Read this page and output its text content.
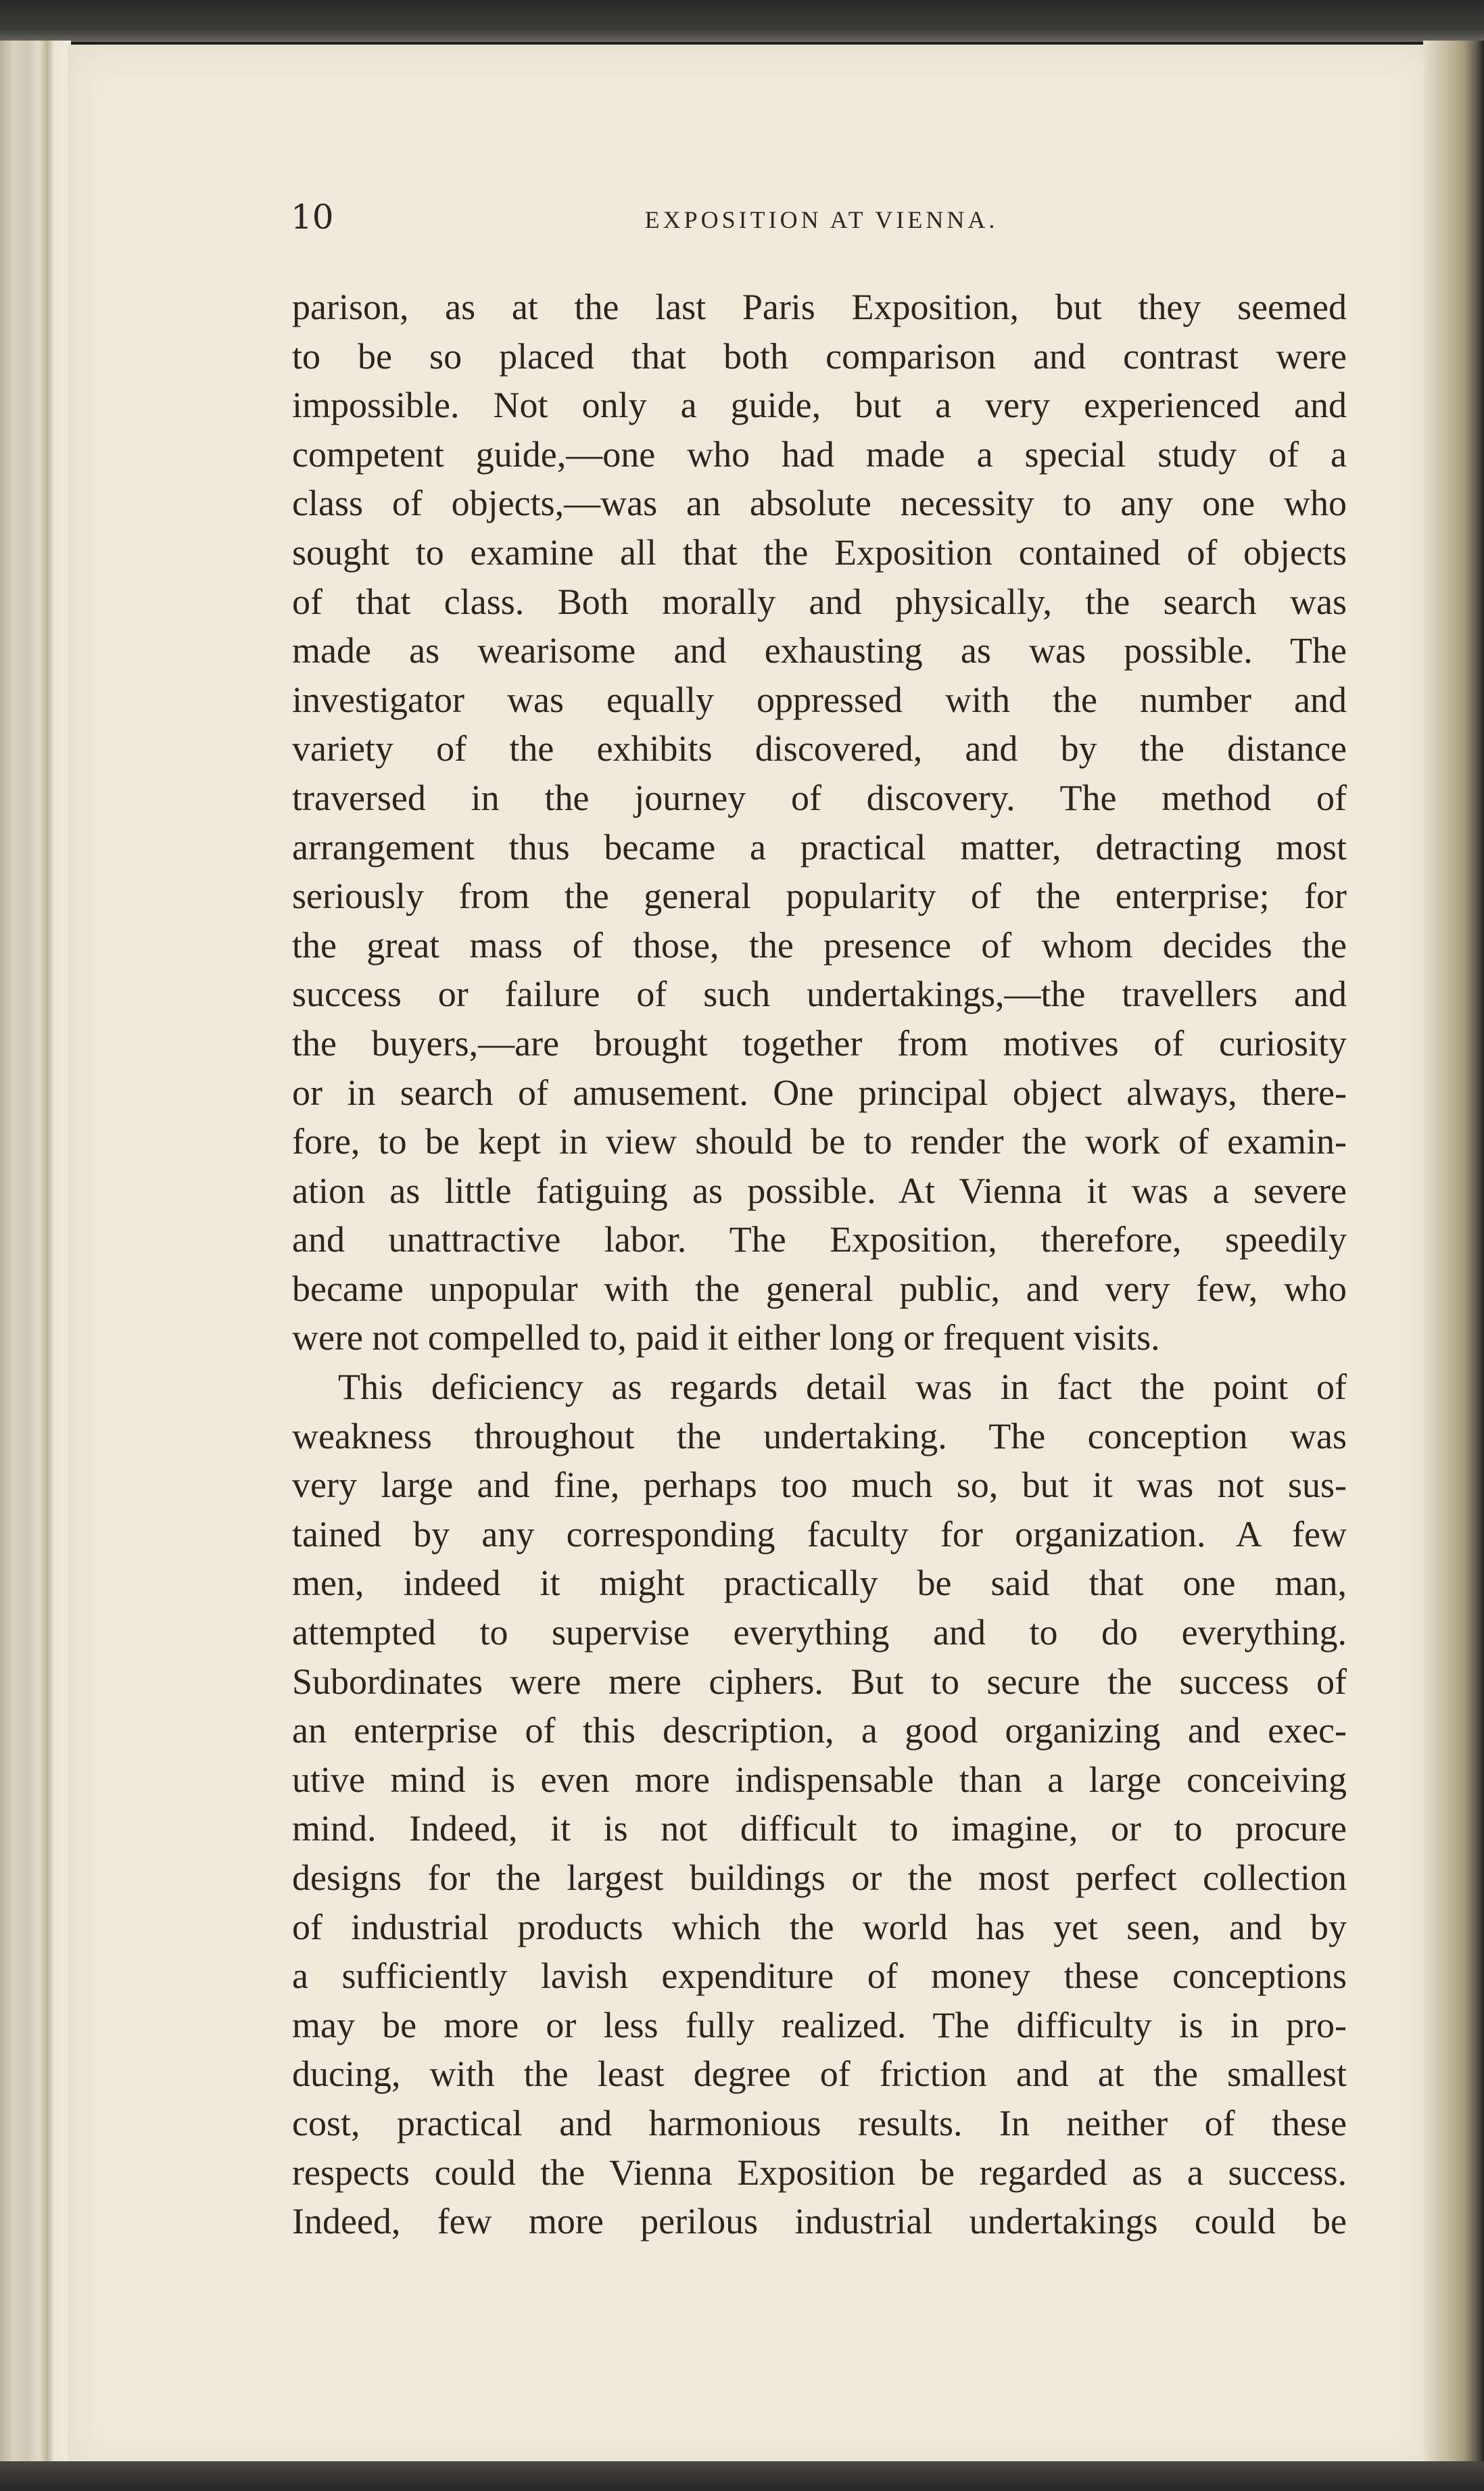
10	EXPOSITION AT VIENNA.
parison, as at the last Paris Exposition, but they seemed
to be so placed that both comparison and contrast were
impossible. Not only a guide, but a very experienced and
competent guide,—one who had made a special study of a
class of objects,—was an absolute necessity to any one who
sought to examine all that the Exposition contained of objects
of that class. Both morally and physically, the search was
made as wearisome and exhausting as was possible. The
investigator was equally oppressed with the number and
variety of the exhibits discovered, and by the distance
traversed in the journey of discovery. The method of
arrangement thus became a practical matter, detracting most
seriously from the general popularity of the enterprise; for
the great mass of those, the presence of whom decides the
success or failure of such undertakings,—the travellers and
the buyers,—are brought together from motives of curiosity
or in search of amusement. One principal object always, there-
fore, to be kept in view should be to render the work of examin-
ation as little fatiguing as possible. At Vienna it was a severe
and unattractive labor. The Exposition, therefore, speedily
became unpopular with the general public, and very few, who
were not compelled to, paid it either long or frequent visits.
This deficiency as regards detail was in fact the point of
weakness throughout the undertaking. The conception was
very large and fine, perhaps too much so, but it was not sus-
tained by any corresponding faculty for organization. A few
men, indeed it might practically be said that one man,
attempted to supervise everything and to do everything.
Subordinates were mere ciphers. But to secure the success of
an enterprise of this description, a good organizing and exec-
utive mind is even more indispensable than a large conceiving
mind. Indeed, it is not difficult to imagine, or to procure
designs for the largest buildings or the most perfect collection
of industrial products which the world has yet seen, and by
a sufficiently lavish expenditure of money these conceptions
may be more or less fully realized. The difficulty is in pro-
ducing, with the least degree of friction and at the smallest
cost, practical and harmonious results. In neither of these
respects could the Vienna Exposition be regarded as a success.
Indeed, few more perilous industrial undertakings could be
